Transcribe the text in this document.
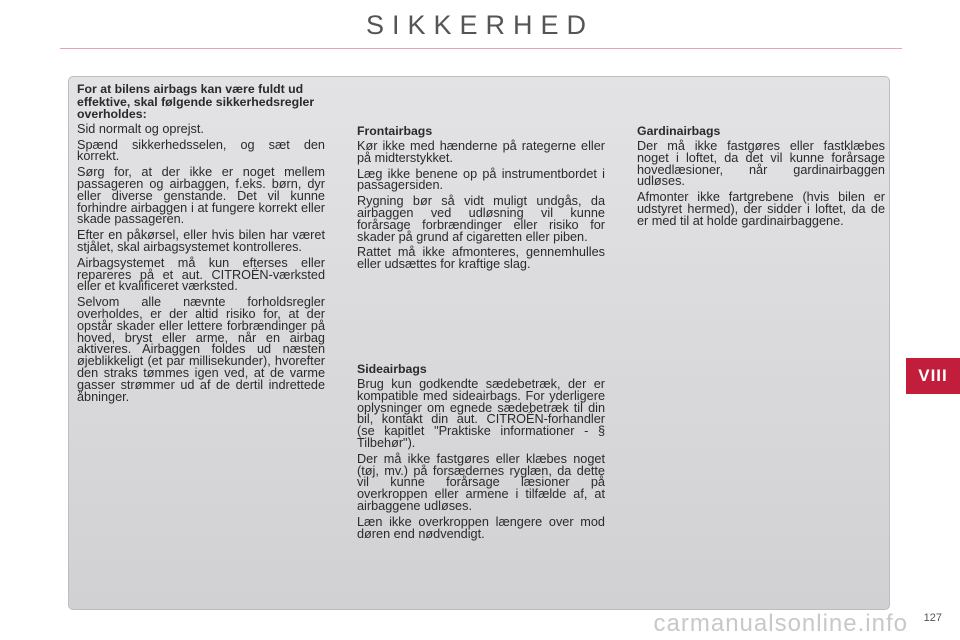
SIKKERHED
For at bilens airbags kan være fuldt ud effektive, skal følgende sikkerhedsregler overholdes:

Sid normalt og oprejst.

Spænd sikkerhedsselen, og sæt den korrekt.

Sørg for, at der ikke er noget mellem passageren og airbaggen, f.eks. børn, dyr eller diverse genstande. Det vil kunne forhindre airbaggen i at fungere korrekt eller skade passageren.

Efter en påkørsel, eller hvis bilen har været stjålet, skal airbagsystemet kontrolleres.

Airbagsystemet må kun efterses eller repareres på et aut. CITROËN-værksted eller et kvalificeret værksted.

Selvom alle nævnte forholdsregler overholdes, er der altid risiko for, at der opstår skader eller lettere forbrændinger på hoved, bryst eller arme, når en airbag aktiveres. Airbaggen foldes ud næsten øjeblikkeligt (et par millisekunder), hvorefter den straks tømmes igen ved, at de varme gasser strømmer ud af de dertil indrettede åbninger.

Frontairbags

Kør ikke med hænderne på rategerne eller på midterstykket.

Læg ikke benene op på instrumentbordet i passagersiden.

Rygning bør så vidt muligt undgås, da airbaggen ved udløsning vil kunne forårsage forbrændinger eller risiko for skader på grund af cigaretten eller piben.

Rattet må ikke afmonteres, gennemhulles eller udsættes for kraftige slag.

Sideairbags

Brug kun godkendte sædebetræk, der er kompatible med sideairbags. For yderligere oplysninger om egnede sædebetræk til din bil, kontakt din aut. CITROËN-forhandler (se kapitlet "Praktiske informationer - § Tilbehør").

Der må ikke fastgøres eller klæbes noget (tøj, mv.) på forsædernes ryglæn, da dette vil kunne forårsage læsioner på overkroppen eller armene i tilfælde af, at airbaggene udløses.

Læn ikke overkroppen længere over mod døren end nødvendigt.

Gardinairbags

Der må ikke fastgøres eller fastklæbes noget i loftet, da det vil kunne forårsage hovedlæsioner, når gardinairbaggen udløses.

Afmonter ikke fartgrebene (hvis bilen er udstyret hermed), der sidder i loftet, da de er med til at holde gardinairbaggene.

VIII
carmanualsonline.info 127
